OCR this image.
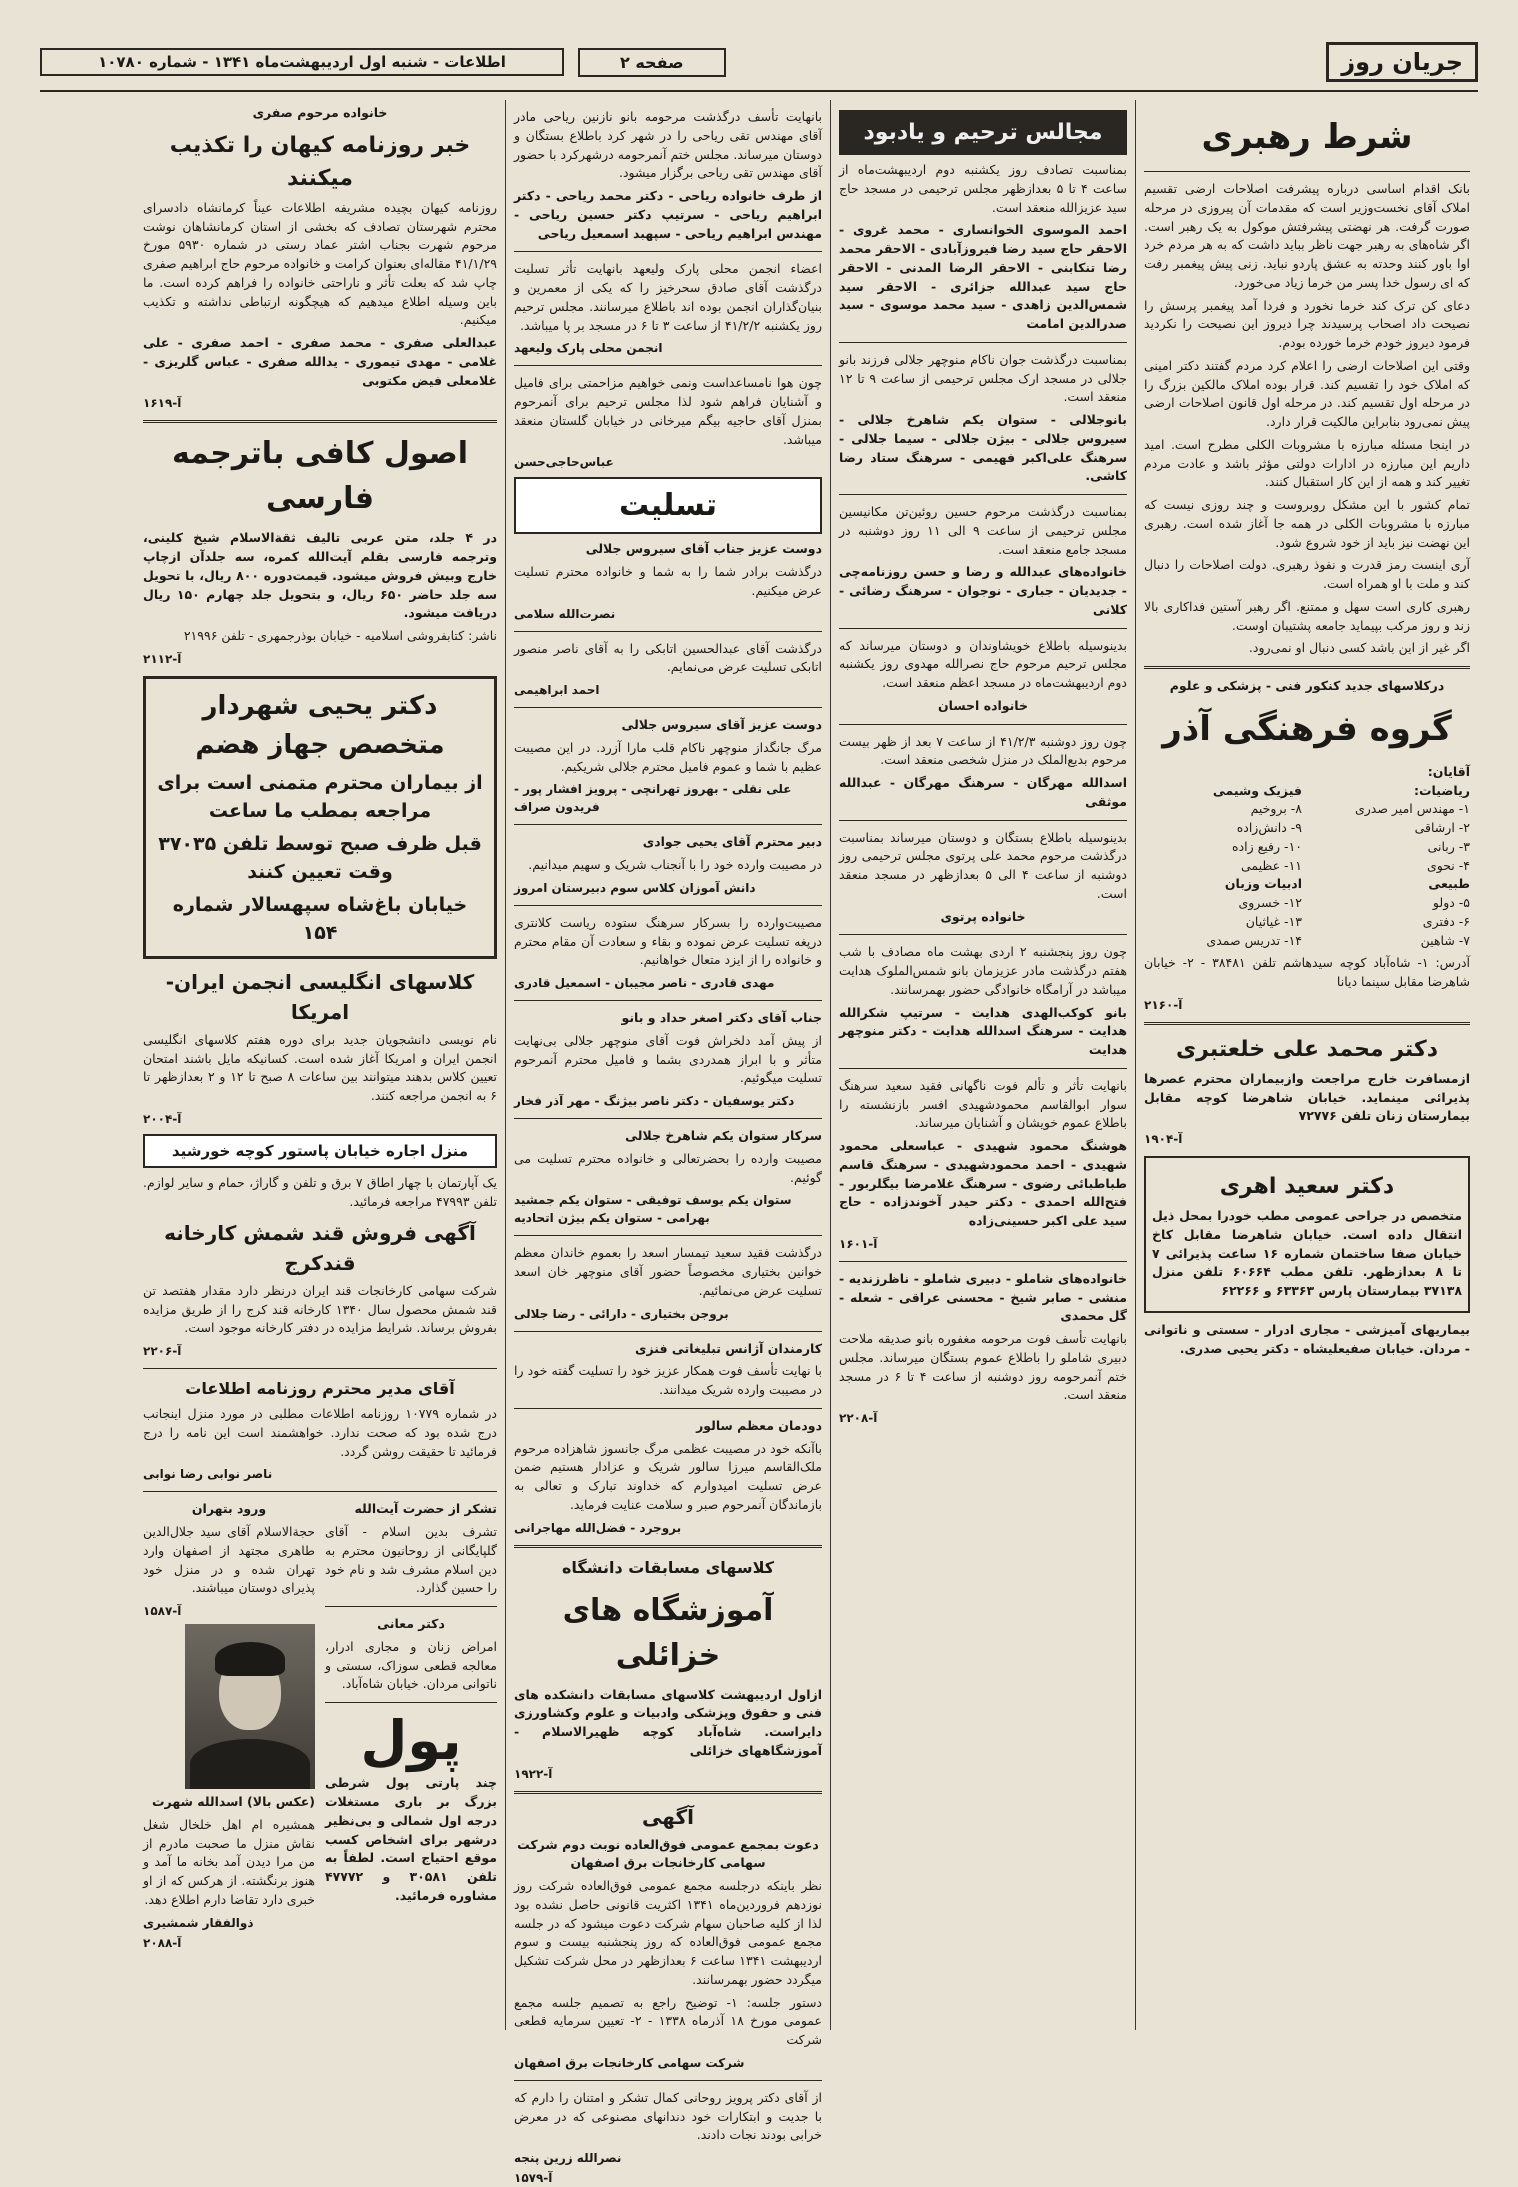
جریان روز
صفحه ۲
اطلاعات - شنبه اول اردیبهشت‌ماه ۱۳۴۱ - شماره ۱۰۷۸۰
شرط رهبری
بانک اقدام اساسی درباره پیشرفت اصلاحات ارضی تقسیم املاک آقای نخست‌وزیر است که مقدمات آن پیروزی در مرحله صورت گرفت. هر نهضتی پیشرفتش موکول به یک رهبر است. اگر شاه‌های به رهبر جهت ناظر بباید داشت که به هر مردم خرد اوا باور کنند وحدته به عشق پاردو نباید. زنی پیش پیغمبر رفت که ای رسول خدا پسر من خرما زیاد می‌خورد.
دعای کن ترک کند خرما نخورد و فردا آمد پیغمبر پرسش را نصیحت داد اصحاب پرسیدند چرا دیروز این نصیحت را نکردید فرمود دیروز خودم خرما خورده بودم.
وقتی این اصلاحات ارضی را اعلام کرد مردم گفتند دکتر امینی که املاک خود را تقسیم کند. قرار بوده املاک مالکین بزرگ را در مرحله اول تقسیم کند. در مرحله اول قانون اصلاحات ارضی پیش نمی‌رود بنابراین مالکیت قرار دارد.
در اینجا مسئله مبارزه با مشروبات الکلی مطرح است. امید داریم این مبارزه در ادارات دولتی مؤثر باشد و عادت مردم تغییر کند و همه از این کار استقبال کنند.
تمام کشور با این مشکل روبروست و چند روزی نیست که مبارزه با مشروبات الکلی در همه جا آغاز شده است. رهبری این نهضت نیز باید از خود شروع شود.
آری اینست رمز قدرت و نفوذ رهبری. دولت اصلاحات را دنبال کند و ملت با او همراه است.
رهبری کاری است سهل و ممتنع. اگر رهبر آستین فداکاری بالا زند و روز مرکب بپیماید جامعه پشتیبان اوست.
اگر غیر از این باشد کسی دنبال او نمی‌رود.
درکلاسهای جدید کنکور فنی - پزشکی و علوم
گروه فرهنگی آذر
آقایان:
ریاضیات:
۱- مهندس امیر صدری
۲- ارشاقی
۳- ربانی
۴- نحوی
طبیعی
۵- دولو
۶- دفتری
۷- شاهین
فیزیک وشیمی
۸- بروخیم
۹- دانش‌زاده
۱۰- رفیع زاده
۱۱- عظیمی
ادبیات وزبان
۱۲- خسروی
۱۳- غیاثیان
۱۴- تدریس صمدی
آدرس: ۱- شاه‌آباد کوچه سیدهاشم تلفن ۳۸۴۸۱ - ۲- خیابان شاهرضا مقابل سینما دیانا
آ-۲۱۶۰
دکتر محمد علی خلعتبری
ازمسافرت خارج مراجعت وازبیماران محترم عصرها پذیرائی مینماید. خیابان شاهرضا کوچه مقابل بیمارستان زنان تلفن ۷۲۷۷۶
آ-۱۹۰۴
دکتر سعید اهری
متخصص در جراحی عمومی مطب خودرا بمحل ذیل انتقال داده است. خیابان شاهرضا مقابل کاخ خیابان صفا ساختمان شماره ۱۶ ساعت پذیرائی ۷ تا ۸ بعدازظهر. تلفن مطب ۶۰۶۶۴ تلفن منزل ۳۷۱۳۸ بیمارستان پارس ۶۳۳۶۳ و ۶۲۲۶۶
بیماریهای آمیزشی - مجاری ادرار - سستی و ناتوانی - مردان. خیابان صفیعلیشاه - دکتر یحیی صدری.
مجالس ترحیم و یادبود
بمناسبت تصادف روز یکشنبه دوم اردیبهشت‌ماه از ساعت ۴ تا ۵ بعدازظهر مجلس ترحیمی در مسجد حاج سید عزیزالله منعقد است.
احمد الموسوی الخوانساری - محمد غروی - الاحقر حاج سید رضا فیروزآبادی - الاحقر محمد رضا تنکابنی - الاحقر الرضا المدنی - الاحقر حاج سید عبدالله جزائری - الاحقر سید شمس‌الدین زاهدی - سید محمد موسوی - سید صدرالدین امامت
بمناسبت درگذشت جوان ناکام منوچهر جلالی فرزند بانو جلالی در مسجد ارک مجلس ترحیمی از ساعت ۹ تا ۱۲ منعقد است.
بانوجلالی - ستوان یکم شاهرخ جلالی - سیروس جلالی - بیژن جلالی - سیما جلالی - سرهنگ علی‌اکبر فهیمی - سرهنگ ستاد رضا کاشی.
بمناسبت درگذشت مرحوم حسین روئین‌تن مکانیسین مجلس ترحیمی از ساعت ۹ الی ۱۱ روز دوشنبه در مسجد جامع منعقد است.
خانواده‌های عبدالله و رضا و حسن روزنامه‌چی - جدیدیان - جباری - نوجوان - سرهنگ رضائی - کلانی
بدینوسیله باطلاع خویشاوندان و دوستان میرساند که مجلس ترحیم مرحوم حاج نصرالله مهدوی روز یکشنبه دوم اردیبهشت‌ماه در مسجد اعظم منعقد است.
خانواده احسان
چون روز دوشنبه ۴۱/۲/۳ از ساعت ۷ بعد از ظهر بیست مرحوم بدیع‌الملک در منزل شخصی منعقد است.
اسدالله مهرگان - سرهنگ مهرگان - عبدالله موثقی
بدینوسیله باطلاع بستگان و دوستان میرساند بمناسبت درگذشت مرحوم محمد علی پرتوی مجلس ترحیمی روز دوشنبه از ساعت ۴ الی ۵ بعدازظهر در مسجد منعقد است.
خانواده پرتوی
چون روز پنجشنبه ۲ اردی بهشت ماه مصادف با شب هفتم درگذشت مادر عزیزمان بانو شمس‌الملوک هدایت میباشد در آرامگاه خانوادگی حضور بهمرسانند.
بانو کوکب‌الهدی هدایت - سرتیپ شکرالله هدایت - سرهنگ اسدالله هدایت - دکتر منوچهر هدایت
بانهایت تأثر و تألم فوت ناگهانی فقید سعید سرهنگ سوار ابوالقاسم محمودشهیدی افسر بازنشسته را باطلاع عموم خویشان و آشنایان میرساند.
هوشنگ محمود شهیدی - عباسعلی محمود شهیدی - احمد محمودشهیدی - سرهنگ قاسم طباطبائی رضوی - سرهنگ غلامرضا بیگلربور - فتح‌الله احمدی - دکتر حیدر آخوندزاده - حاج سید علی اکبر حسینی‌زاده
آ-۱۶۰۱
خانواده‌های شاملو - دبیری شاملو - ناظرزندیه - منشی - صابر شیخ - محسنی عراقی - شعله - گل محمدی
بانهایت تأسف فوت مرحومه مغفوره بانو صدیقه ملاحت دبیری شاملو را باطلاع عموم بستگان میرساند. مجلس ختم آنمرحومه روز دوشنبه از ساعت ۴ تا ۶ در مسجد منعقد است.
آ-۲۲۰۸
بانهایت تأسف درگذشت مرحومه بانو نازنین ریاحی مادر آقای مهندس تقی ریاحی را در شهر کرد باطلاع بستگان و دوستان میرساند. مجلس ختم آنمرحومه درشهرکرد با حضور آقای مهندس تقی ریاحی برگزار میشود.
از طرف خانواده ریاحی - دکتر محمد ریاحی - دکتر ابراهیم ریاحی - سرتیپ دکتر حسین ریاحی - مهندس ابراهیم ریاحی - سپهبد اسمعیل ریاحی
اعضاء انجمن محلی پارک ولیعهد بانهایت تأثر تسلیت درگذشت آقای صادق سحرخیز را که یکی از معمرین و بنیان‌گذاران انجمن بوده اند باطلاع میرسانند. مجلس ترحیم روز یکشنبه ۴۱/۲/۲ از ساعت ۳ تا ۶ در مسجد بر پا میباشد.
انجمن محلی پارک ولیعهد
چون هوا نامساعداست ونمی خواهیم مزاحمتی برای فامیل و آشنایان فراهم شود لذا مجلس ترحیم برای آنمرحوم بمنزل آقای حاجیه بیگم میرخانی در خیابان گلستان منعقد میباشد.
عباس‌حاجی‌حسن
تسلیت
دوست عزیز جناب آقای سیروس جلالی
درگذشت برادر شما را به شما و خانواده محترم تسلیت عرض میکنیم.
نصرت‌الله سلامی
درگذشت آقای عبدالحسین اتابکی را به آقای ناصر منصور اتابکی تسلیت عرض می‌نمایم.
احمد ابراهیمی
دوست عزیز آقای سیروس جلالی
مرگ جانگداز منوچهر ناکام قلب مارا آزرد. در این مصیبت عظیم با شما و عموم فامیل محترم جلالی شریکیم.
علی نقلی - بهروز تهرانچی - پرویز افشار پور - فریدون صراف
دبیر محترم آقای یحیی جوادی
در مصیبت وارده خود را با آنجناب شریک و سهیم میدانیم.
دانش آموزان کلاس سوم دبیرستان امروز
مصیبت‌وارده را بسرکار سرهنگ ستوده ریاست کلانتری درپغه تسلیت عرض نموده و بقاء و سعادت آن مقام محترم و خانواده را از ایزد متعال خواهانیم.
مهدی قادری - ناصر مجیبان - اسمعیل قادری
جناب آقای دکتر اصغر حداد و بانو
از پیش آمد دلخراش فوت آقای منوچهر جلالی بی‌نهایت متأثر و با ابراز همدردی بشما و فامیل محترم آنمرحوم تسلیت میگوئیم.
دکتر یوسفیان - دکتر ناصر بیژنگ - مهر آذر فخار
سرکار ستوان یکم شاهرخ جلالی
مصیبت وارده را بحضرتعالی و خانواده محترم تسلیت می گوئیم.
ستوان یکم یوسف توفیقی - ستوان یکم جمشید بهرامی - ستوان یکم بیژن اتحادیه
درگذشت فقید سعید تیمسار اسعد را بعموم خاندان معظم خوانین بختیاری مخصوصاً حضور آقای منوچهر خان اسعد تسلیت عرض می‌نمائیم.
بروجن بختیاری - دارائی - رضا جلالی
کارمندان آژانس تبلیغاتی فنزی
با نهایت تأسف فوت همکار عزیز خود را تسلیت گفته خود را در مصیبت وارده شریک میدانند.
دودمان معظم سالور
باآنکه خود در مصیبت عظمی مرگ جانسوز شاهزاده مرحوم ملک‌القاسم میرزا سالور شریک و عزادار هستیم ضمن عرض تسلیت امیدوارم که خداوند تبارک و تعالی به بازماندگان آنمرحوم صبر و سلامت عنایت فرماید.
بروجرد - فضل‌الله مهاجرانی
کلاسهای مسابقات دانشگاه
آموزشگاه های خزائلی
ازاول اردیبهشت کلاسهای مسابقات دانشکده های فنی و حقوق وپزشکی وادبیات و علوم وکشاورزی دایراست. شاه‌آباد کوچه ظهیرالاسلام - آموزشگاههای خزائلی
آ-۱۹۲۲
آگهی
دعوت بمجمع عمومی فوق‌العاده نوبت دوم شرکت سهامی کارخانجات برق اصفهان
نظر باینکه درجلسه مجمع عمومی فوق‌العاده شرکت روز نوزدهم فروردین‌ماه ۱۳۴۱ اکثریت قانونی حاصل نشده بود لذا از کلیه صاحبان سهام شرکت دعوت میشود که در جلسه مجمع عمومی فوق‌العاده که روز پنجشنبه بیست و سوم اردیبهشت ۱۳۴۱ ساعت ۶ بعدازظهر در محل شرکت تشکیل میگردد حضور بهمرسانند.
دستور جلسه: ۱- توضیح راجع به تصمیم جلسه مجمع عمومی مورخ ۱۸ آذرماه ۱۳۳۸ - ۲- تعیین سرمایه قطعی شرکت
شرکت سهامی کارخانجات برق اصفهان
از آقای دکتر پرویز روحانی کمال تشکر و امتنان را دارم که با جدیت و ابتکارات خود دندانهای مصنوعی که در معرض خرابی بودند نجات دادند.
نصرالله زرین پنجه
آ-۱۵۷۹
خانواده مرحوم صفری
خبر روزنامه کیهان را تکذیب میکنند
روزنامه کیهان بچیده مشریفه اطلاعات عیناً کرمانشاه دادسرای محترم شهرستان تصادف که بخشی از استان کرمانشاهان نوشت مرحوم شهرت بجناب اشتر عماد رستی در شماره ۵۹۳۰ مورخ ۴۱/۱/۲۹ مقاله‌ای بعنوان کرامت و خانواده مرحوم حاج ابراهیم صفری چاپ شد که بعلت تأثر و ناراحتی خانواده را فراهم کرده است. ما باین وسیله اطلاع میدهیم که هیچگونه ارتباطی نداشته و تکذیب میکنیم.
عبدالعلی صفری - محمد صفری - احمد صفری - علی غلامی - مهدی تیموری - یدالله صفری - عباس گلریزی - غلامعلی فیض مکتوبی
آ-۱۶۱۹
اصول کافی باترجمه فارسی
در ۴ جلد، متن عربی تالیف ثقةالاسلام شیخ کلینی، وترجمه فارسی بقلم آیت‌الله کمره، سه جلدآن ازچاپ خارج وبیش فروش میشود. قیمت‌دوره ۸۰۰ ریال، با تحویل سه جلد حاضر ۶۵۰ ریال، و بتحویل جلد چهارم ۱۵۰ ریال دریافت میشود.
ناشر: کتابفروشی اسلامیه - خیابان بوذرجمهری - تلفن ۲۱۹۹۶
آ-۲۱۱۲
دکتر یحیی شهردار متخصص جهاز هضم
از بیماران محترم متمنی است برای مراجعه بمطب ما ساعت
قبل ظرف صبح توسط تلفن ۳۷۰۳۵ وقت تعیین کنند
خیابان باغ‌شاه سپهسالار شماره ۱۵۴
کلاسهای انگلیسی انجمن ایران-امریکا
نام نویسی دانشجویان جدید برای دوره هفتم کلاسهای انگلیسی انجمن ایران و امریکا آغاز شده است. کسانیکه مایل باشند امتحان تعیین کلاس بدهند میتوانند بین ساعات ۸ صبح تا ۱۲ و ۲ بعدازظهر تا ۶ به انجمن مراجعه کنند.
آ-۲۰۰۴
منزل اجاره خیابان پاستور کوچه خورشید
یک آپارتمان با چهار اطاق ۷ برق و تلفن و گاراژ، حمام و سایر لوازم. تلفن ۴۷۹۹۳ مراجعه فرمائید.
آگهی فروش قند شمش کارخانه قندکرج
شرکت سهامی کارخانجات قند ایران درنظر دارد مقدار هفتصد تن قند شمش محصول سال ۱۳۴۰ کارخانه قند کرج را از طریق مزایده بفروش برساند. شرایط مزایده در دفتر کارخانه موجود است.
آ-۲۲۰۶
آقای مدیر محترم روزنامه اطلاعات
در شماره ۱۰۷۷۹ روزنامه اطلاعات مطلبی در مورد منزل اینجانب درج شده بود که صحت ندارد. خواهشمند است این نامه را درج فرمائید تا حقیقت روشن گردد.
ناصر نوابی رضا نوابی
تشکر از حضرت آیت‌الله
تشرف بدین اسلام - آقای گلپایگانی از روحانیون محترم به دین اسلام مشرف شد و نام خود را حسین گذارد.
دکتر معانی
امراض زنان و مجاری ادرار، معالجه قطعی سوزاک، سستی و ناتوانی مردان. خیابان شاه‌آباد.
پول
چند پارتی پول شرطی بزرگ بر باری مستغلات درجه اول شمالی و بی‌نظیر درشهر برای اشخاص کسب موقع احتیاج است. لطفاً به تلفن ۳۰۵۸۱ و ۴۷۷۷۲ مشاوره فرمائید.
ورود بتهران
حجةالاسلام آقای سید جلال‌الدین طاهری مجتهد از اصفهان وارد تهران شده و در منزل خود پذیرای دوستان میباشند.
آ-۱۵۸۷
(عکس بالا) اسدالله شهرت
همشیره ام اهل خلخال شغل نقاش منزل ما صحبت مادرم از من مرا دیدن آمد بخانه ما آمد و هنوز برنگشته. از هرکس که از او خبری دارد تقاضا دارم اطلاع دهد.
ذوالفقار شمشیری
آ-۲۰۸۸
